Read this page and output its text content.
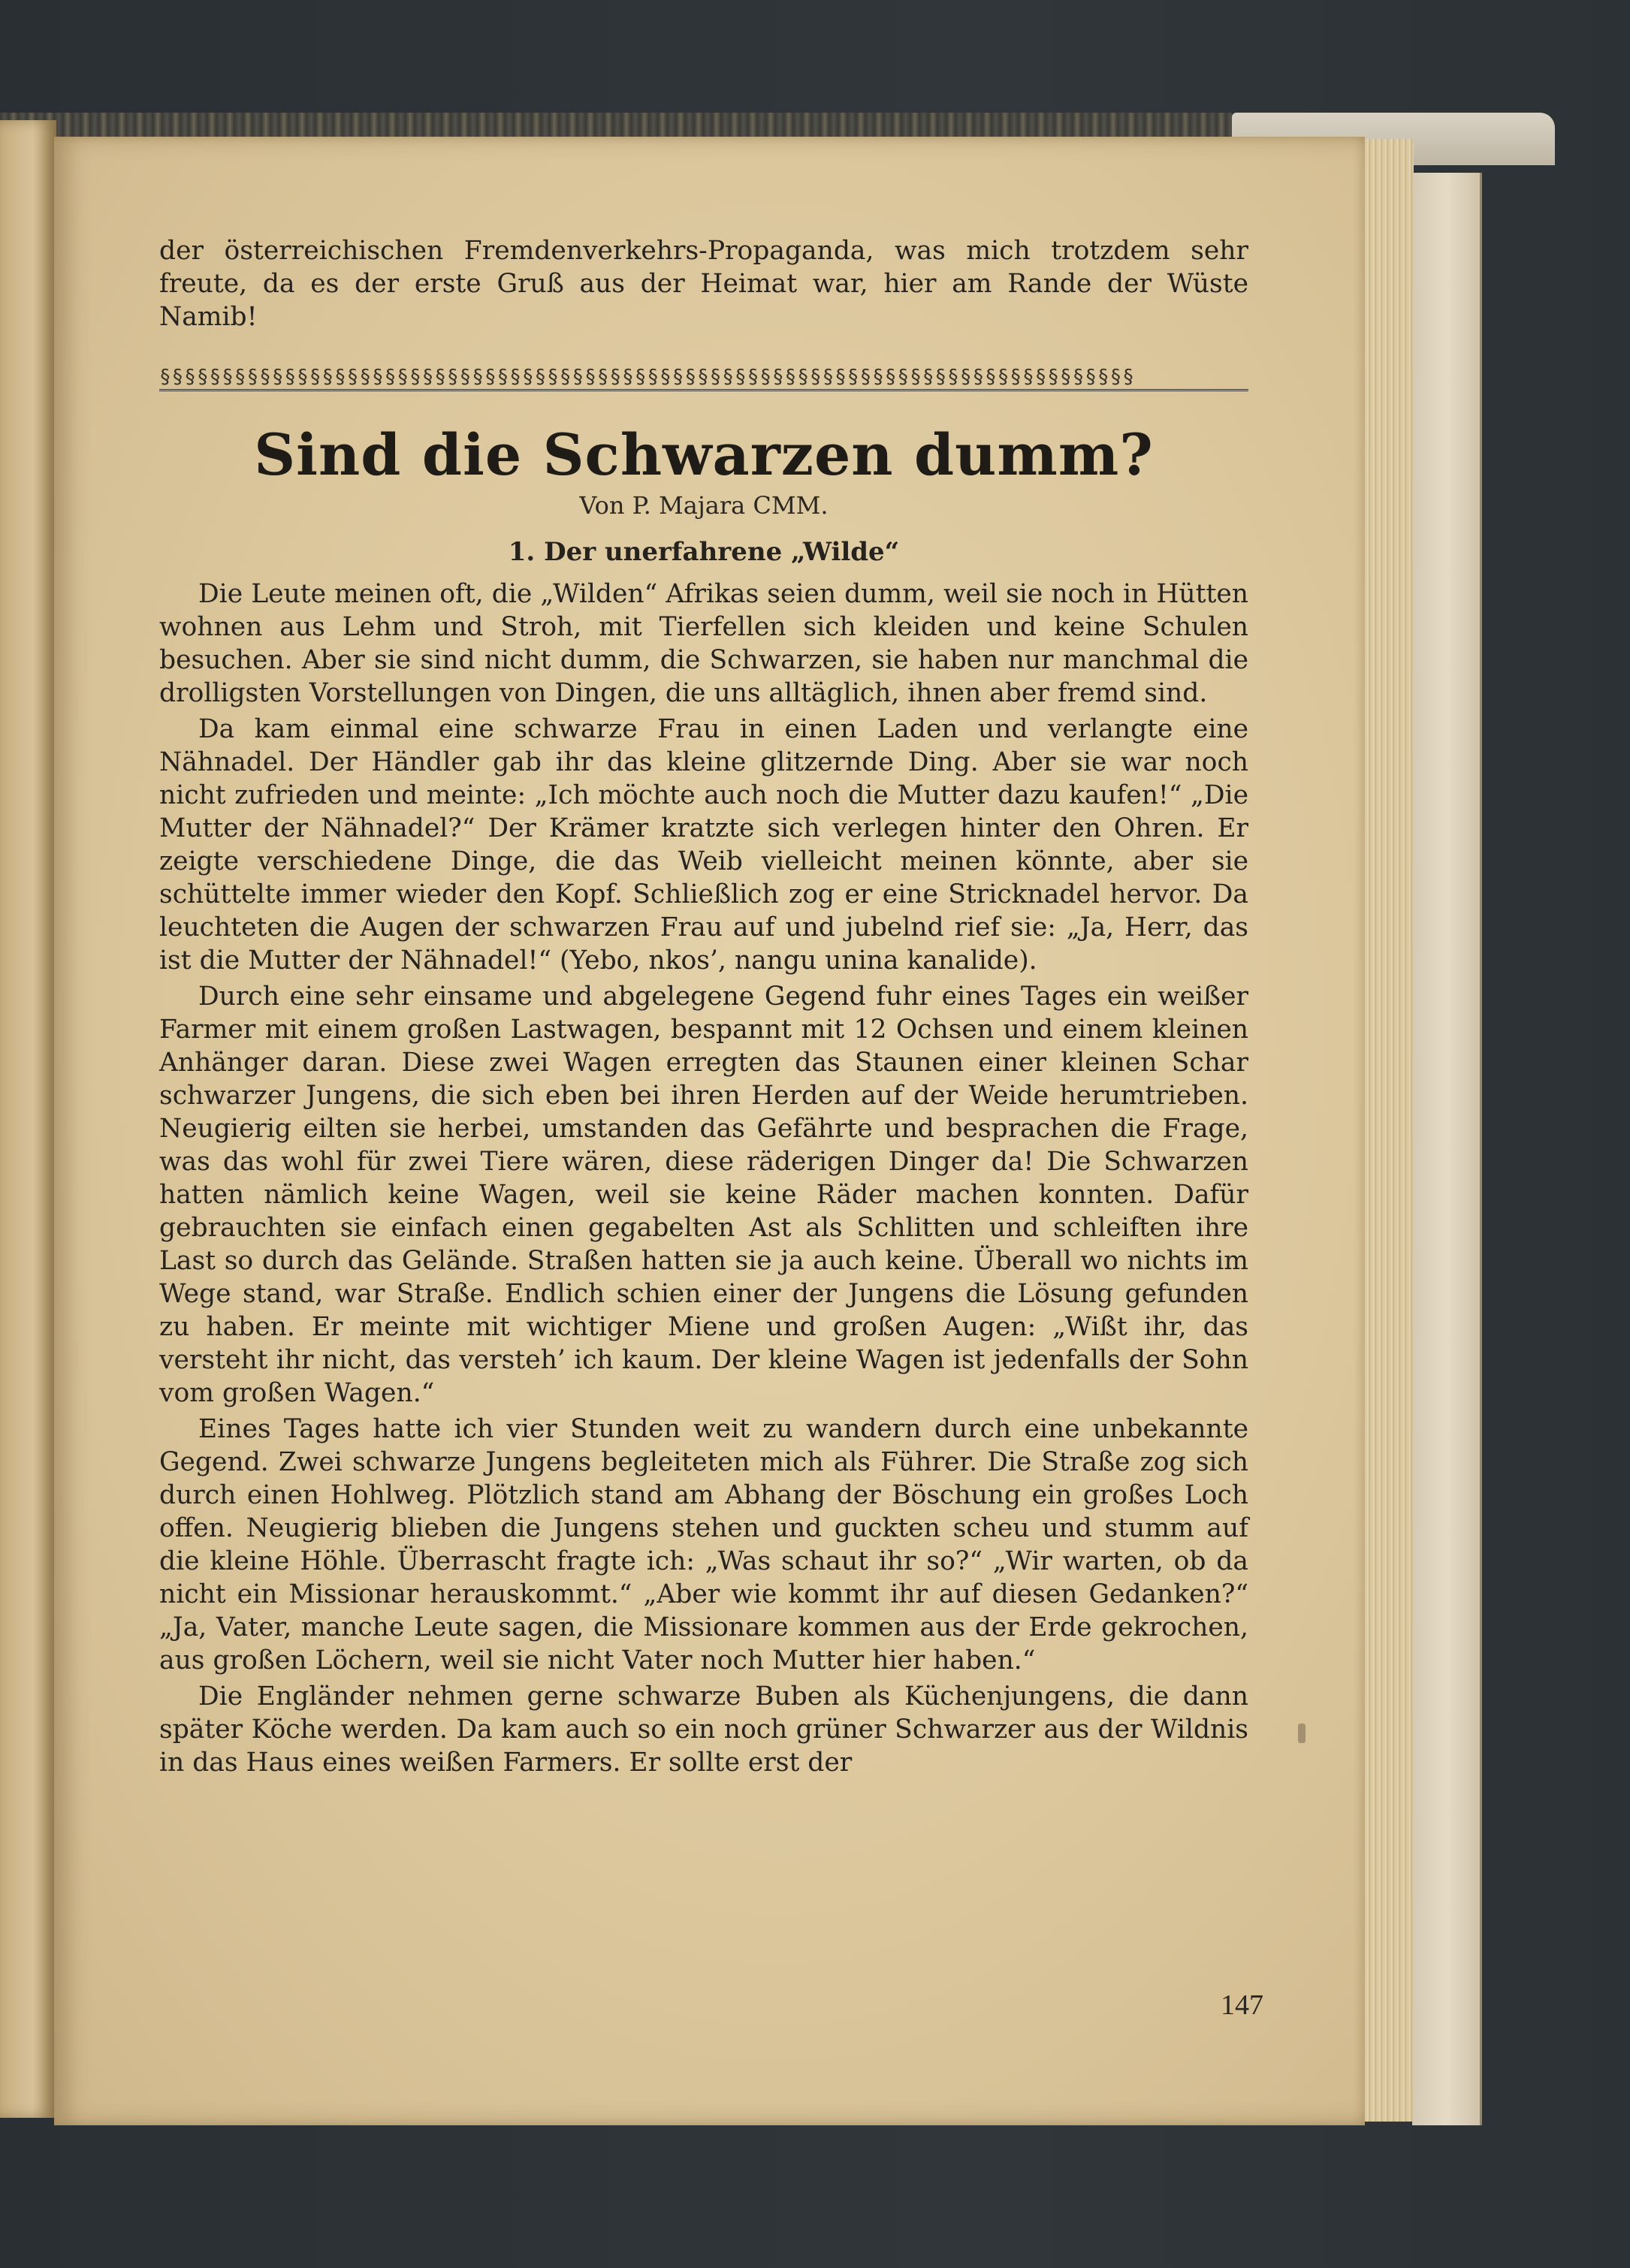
der österreichischen Fremdenverkehrs-Propaganda, was mich trotzdem sehr freute, da es der erste Gruß aus der Heimat war, hier am Rande der Wüste Namib!

§§§§§§§§§§§§§§§§§§§§§§§§§§§§§§§§§§§§§§§§§§§§§§§§§§§§§§§§§§§§§§§§§§§§§§§§§§§§§§
Sind die Schwarzen dumm?

Von P. Majara CMM.

1. Der unerfahrene „Wilde“

Die Leute meinen oft, die „Wilden“ Afrikas seien dumm, weil sie noch in Hütten wohnen aus Lehm und Stroh, mit Tierfellen sich kleiden und keine Schulen besuchen. Aber sie sind nicht dumm, die Schwarzen, sie haben nur manchmal die drolligsten Vorstellungen von Dingen, die uns alltäglich, ihnen aber fremd sind.

Da kam einmal eine schwarze Frau in einen Laden und verlangte eine Nähnadel. Der Händler gab ihr das kleine glitzernde Ding. Aber sie war noch nicht zufrieden und meinte: „Ich möchte auch noch die Mutter dazu kaufen!“ „Die Mutter der Nähnadel?“ Der Krämer kratzte sich verlegen hinter den Ohren. Er zeigte verschiedene Dinge, die das Weib vielleicht meinen könnte, aber sie schüttelte immer wieder den Kopf. Schließlich zog er eine Stricknadel hervor. Da leuchteten die Augen der schwarzen Frau auf und jubelnd rief sie: „Ja, Herr, das ist die Mutter der Nähnadel!“ (Yebo, nkos’, nangu unina kanalide).

Durch eine sehr einsame und abgelegene Gegend fuhr eines Tages ein weißer Farmer mit einem großen Lastwagen, bespannt mit 12 Ochsen und einem kleinen Anhänger daran. Diese zwei Wagen erregten das Staunen einer kleinen Schar schwarzer Jungens, die sich eben bei ihren Herden auf der Weide herumtrieben. Neugierig eilten sie herbei, umstanden das Gefährte und besprachen die Frage, was das wohl für zwei Tiere wären, diese räderigen Dinger da! Die Schwarzen hatten nämlich keine Wagen, weil sie keine Räder machen konnten. Dafür gebrauchten sie einfach einen gegabelten Ast als Schlitten und schleiften ihre Last so durch das Gelände. Straßen hatten sie ja auch keine. Überall wo nichts im Wege stand, war Straße. Endlich schien einer der Jungens die Lösung gefunden zu haben. Er meinte mit wichtiger Miene und großen Augen: „Wißt ihr, das versteht ihr nicht, das versteh’ ich kaum. Der kleine Wagen ist jedenfalls der Sohn vom großen Wagen.“

Eines Tages hatte ich vier Stunden weit zu wandern durch eine unbekannte Gegend. Zwei schwarze Jungens begleiteten mich als Führer. Die Straße zog sich durch einen Hohlweg. Plötzlich stand am Abhang der Böschung ein großes Loch offen. Neugierig blieben die Jungens stehen und guckten scheu und stumm auf die kleine Höhle. Überrascht fragte ich: „Was schaut ihr so?“ „Wir warten, ob da nicht ein Missionar herauskommt.“ „Aber wie kommt ihr auf diesen Gedanken?“ „Ja, Vater, manche Leute sagen, die Missionare kommen aus der Erde gekrochen, aus großen Löchern, weil sie nicht Vater noch Mutter hier haben.“

Die Engländer nehmen gerne schwarze Buben als Küchenjungens, die dann später Köche werden. Da kam auch so ein noch grüner Schwarzer aus der Wildnis in das Haus eines weißen Farmers. Er sollte erst der

147
